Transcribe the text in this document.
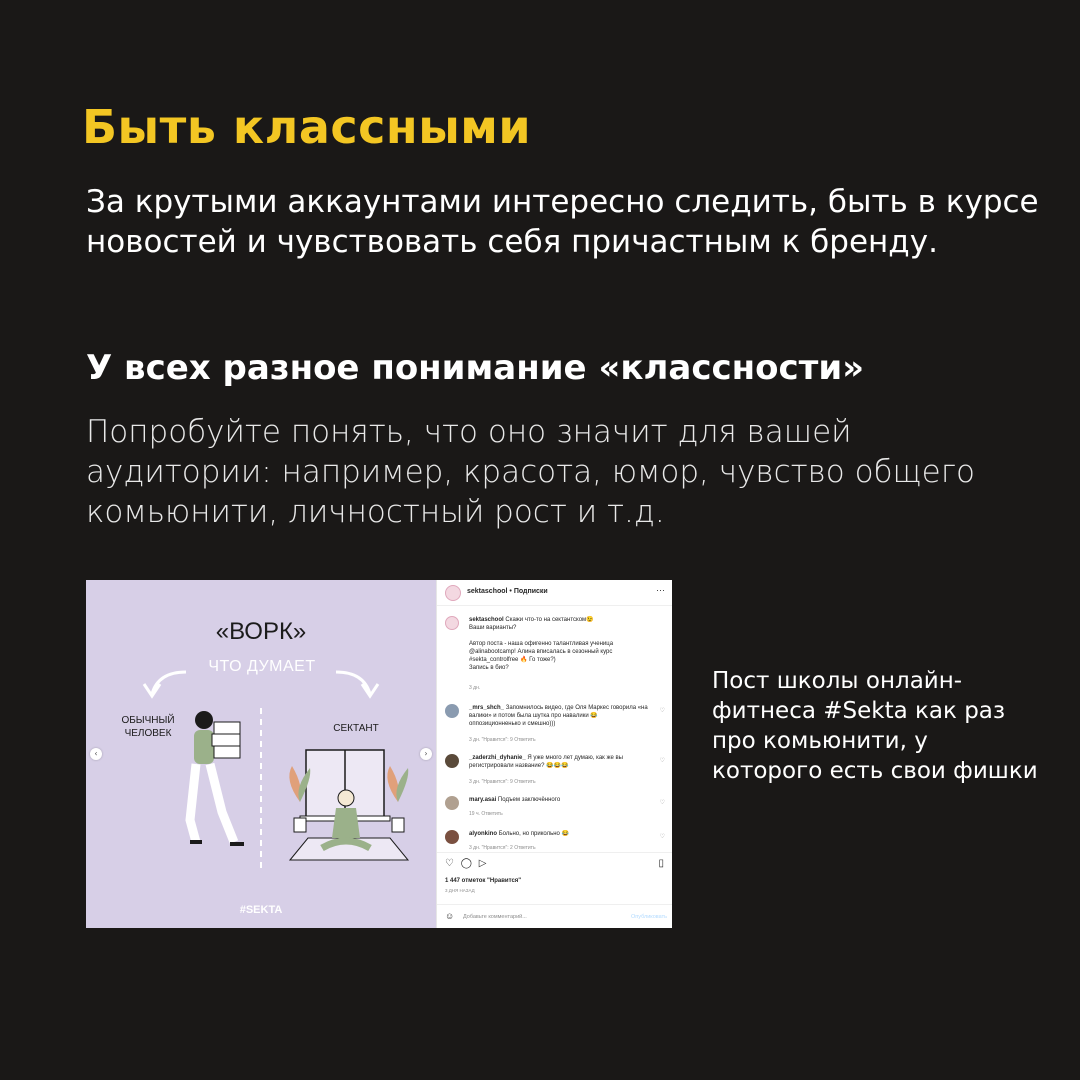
Быть классными
За крутыми аккаунтами интересно следить, быть в курсе новостей и чувствовать себя причастным к бренду.
У всех разное понимание «классности»
Попробуйте понять, что оно значит для вашей аудитории: например, красота, юмор, чувство общего комьюнити, личностный рост и т.д.
«ВОРК»
ЧТО ДУМАЕТ
ОБЫЧНЫЙ ЧЕЛОВЕК	СЕКТАНТ
#SEKTA
‹	›
sektaschool • Подписки	···
sektaschool Скажи что-то на сектантском😉
Ваши варианты?
Автор поста - наша офигенно талантливая ученица
@alinabootcamp! Алина вписалась в сезонный курс
#sekta_controlfree 🔥 Го тоже?)
Запись в био?
3 дн.
_mrs_shch_ Запомнилось видео, где Оля Маркес говорила «на валики» и потом была шутка про навалики 😂 оппозиционненько и смешно)))
3 дн. "Нравится": 9 Ответить
♡
_zaderzhi_dyhanie_ Я уже много лет думаю, как же вы регистрировали название? 😂😂😂
3 дн. "Нравится": 9 Ответить
♡
mary.asai Подъем заключённого
19 ч. Ответить
♡
alyonkino Больно, но прикольно 😂
3 дн. "Нравится": 2 Ответить
♡
♡ ◯ ▷	▯
1 447 отметок "Нравится"
3 ДНЯ НАЗАД
☺ Добавьте комментарий...	Опубликовать
Пост школы онлайн-фитнеса #Sekta как раз про комьюнити, у которого есть свои фишки
